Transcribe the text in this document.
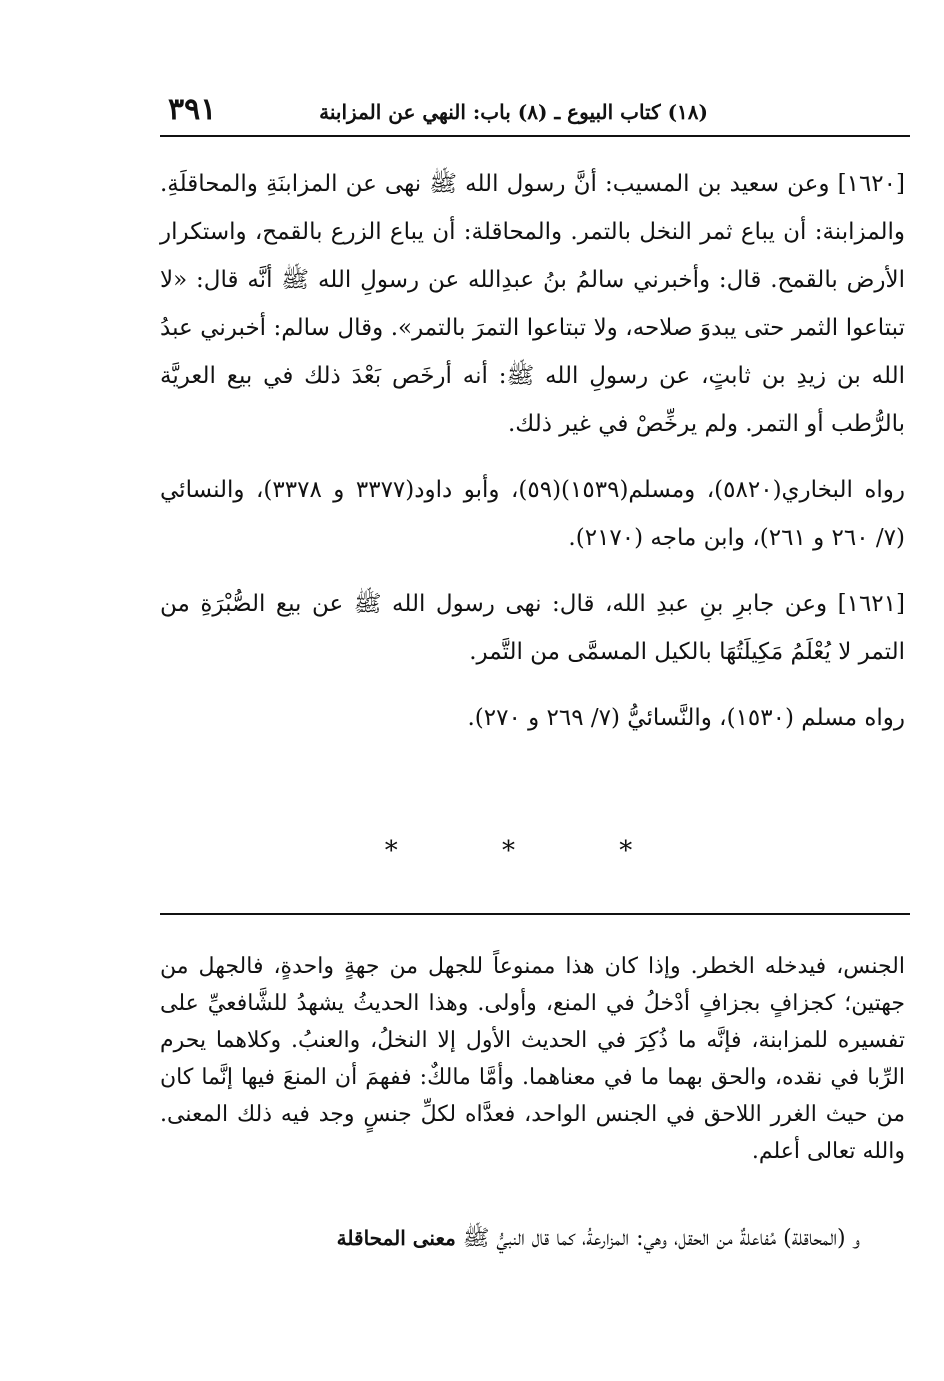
(١٨) كتاب البيوع ـ (٨) باب: النهي عن المزابنة
٣٩١

[١٦٢٠] وعن سعيد بن المسيب: أنَّ رسول الله ﷺ نهى عن المزابنَةِ والمحاقلَةِ. والمزابنة: أن يباع ثمر النخل بالتمر. والمحاقلة: أن يباع الزرع بالقمح، واستكرار الأرض بالقمح. قال: وأخبرني سالمُ بنُ عبدِالله عن رسولِ الله ﷺ أنَّه قال: «لا تبتاعوا الثمر حتى يبدوَ صلاحه، ولا تبتاعوا التمرَ بالتمر». وقال سالم: أخبرني عبدُ الله بن زيدِ بن ثابتٍ، عن رسولِ الله ﷺ: أنه أرخَص بَعْدَ ذلك في بيع العريَّة بالرُّطب أو التمر. ولم يرخِّصْ في غير ذلك.

رواه البخاري(٥٨٢٠)، ومسلم(١٥٣٩)(٥٩)، وأبو داود(٣٣٧٧ و ٣٣٧٨)، والنسائي (٧/ ٢٦٠ و ٢٦١)، وابن ماجه (٢١٧٠).

[١٦٢١] وعن جابرِ بنِ عبدِ الله، قال: نهى رسول الله ﷺ عن بيع الصُّبْرَةِ من التمر لا يُعْلَمُ مَكِيلَتُهَا بالكيل المسمَّى من التَّمر.

رواه مسلم (١٥٣٠)، والنَّسائيُّ (٧/ ٢٦٩ و ٢٧٠).

* * *

الجنس، فيدخله الخطر. وإذا كان هذا ممنوعاً للجهل من جهةٍ واحدةٍ، فالجهل من جهتين؛ كجزافٍ بجزافٍ أدْخلُ في المنع، وأولى. وهذا الحديثُ يشهدُ للشَّافعيِّ على تفسيره للمزابنة، فإنَّه ما ذُكِرَ في الحديث الأول إلا النخلُ، والعنبُ. وكلاهما يحرم الرِّبا في نقده، والحق بهما ما في معناهما. وأمَّا مالكٌ: ففهمَ أن المنعَ فيها إنَّما كان من حيث الغرر اللاحق في الجنس الواحد، فعدَّاه لكلِّ جنسٍ وجد فيه ذلك المعنى. والله تعالى أعلم.

و (المحاقلة) مُفاعلةٌ من الحقل، وهي: المزارعةُ، كما قال النبيُّ ﷺ معنى المحاقلة
